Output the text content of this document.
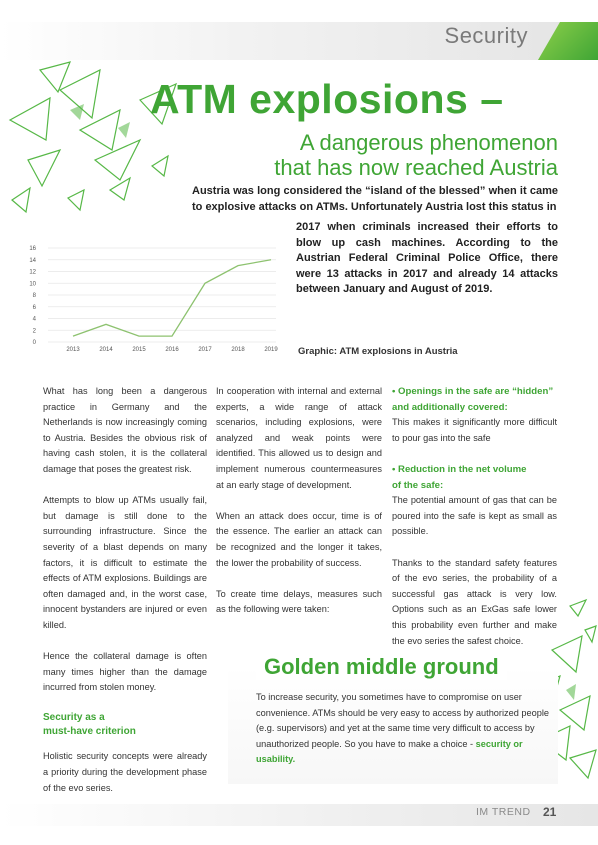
Security
ATM explosions –
A dangerous phenomenon
that has now reached Austria
Austria was long considered the “island of the blessed” when it came to explosive attacks on ATMs. Unfortunately Austria lost this status in
2017 when criminals increased their efforts to blow up cash machines. According to the Austrian Federal Criminal Police Office, there were 13 attacks in 2017 and already 14 attacks between January and August of 2019.
0
2
4
6
8
10
12
14
16
2013	2014	2015	2016	2017	2018	2019 Graphic: ATM explosions in Austria

What has long been a dangerous practice in Germany and the Netherlands is now increasingly coming to Austria. Besides the obvious risk of having cash stolen, it is the collateral damage that poses the greatest risk.

Attempts to blow up ATMs usually fail, but damage is still done to the surrounding infrastructure. Since the severity of a blast depends on many factors, it is difficult to estimate the effects of ATM explosions. Buildings are often damaged and, in the worst case, innocent bystanders are injured or even killed.

Hence the collateral damage is often many times higher than the damage incurred from stolen money.

Security as a
must-have criterion

Holistic security concepts were already a priority during the development phase of the evo series.

In cooperation with internal and external experts, a wide range of attack scenarios, including explosions, were analyzed and weak points were identified. This allowed us to design and implement numerous countermeasures at an early stage of development.

When an attack does occur, time is of the essence. The earlier an attack can be recognized and the longer it takes, the lower the probability of success.

To create time delays, measures such as the following were taken:

• Openings in the safe are “hidden”
and additionally covered:

This makes it significantly more difficult to pour gas into the safe

• Reduction in the net volume
of the safe:

The potential amount of gas that can be poured into the safe is kept as small as possible.

Thanks to the standard safety features of the evo series, the probability of a successful gas attack is very low. Options such as an ExGas safe lower this probability even further and make the evo series the safest choice.

Golden middle ground
To increase security, you sometimes have to compromise on user convenience. ATMs should be very easy to access by authorized people (e.g. supervisors) and yet at the same time very difficult to access by unauthorized people. So you have to make a choice - security or usability.
IM TREND 21
